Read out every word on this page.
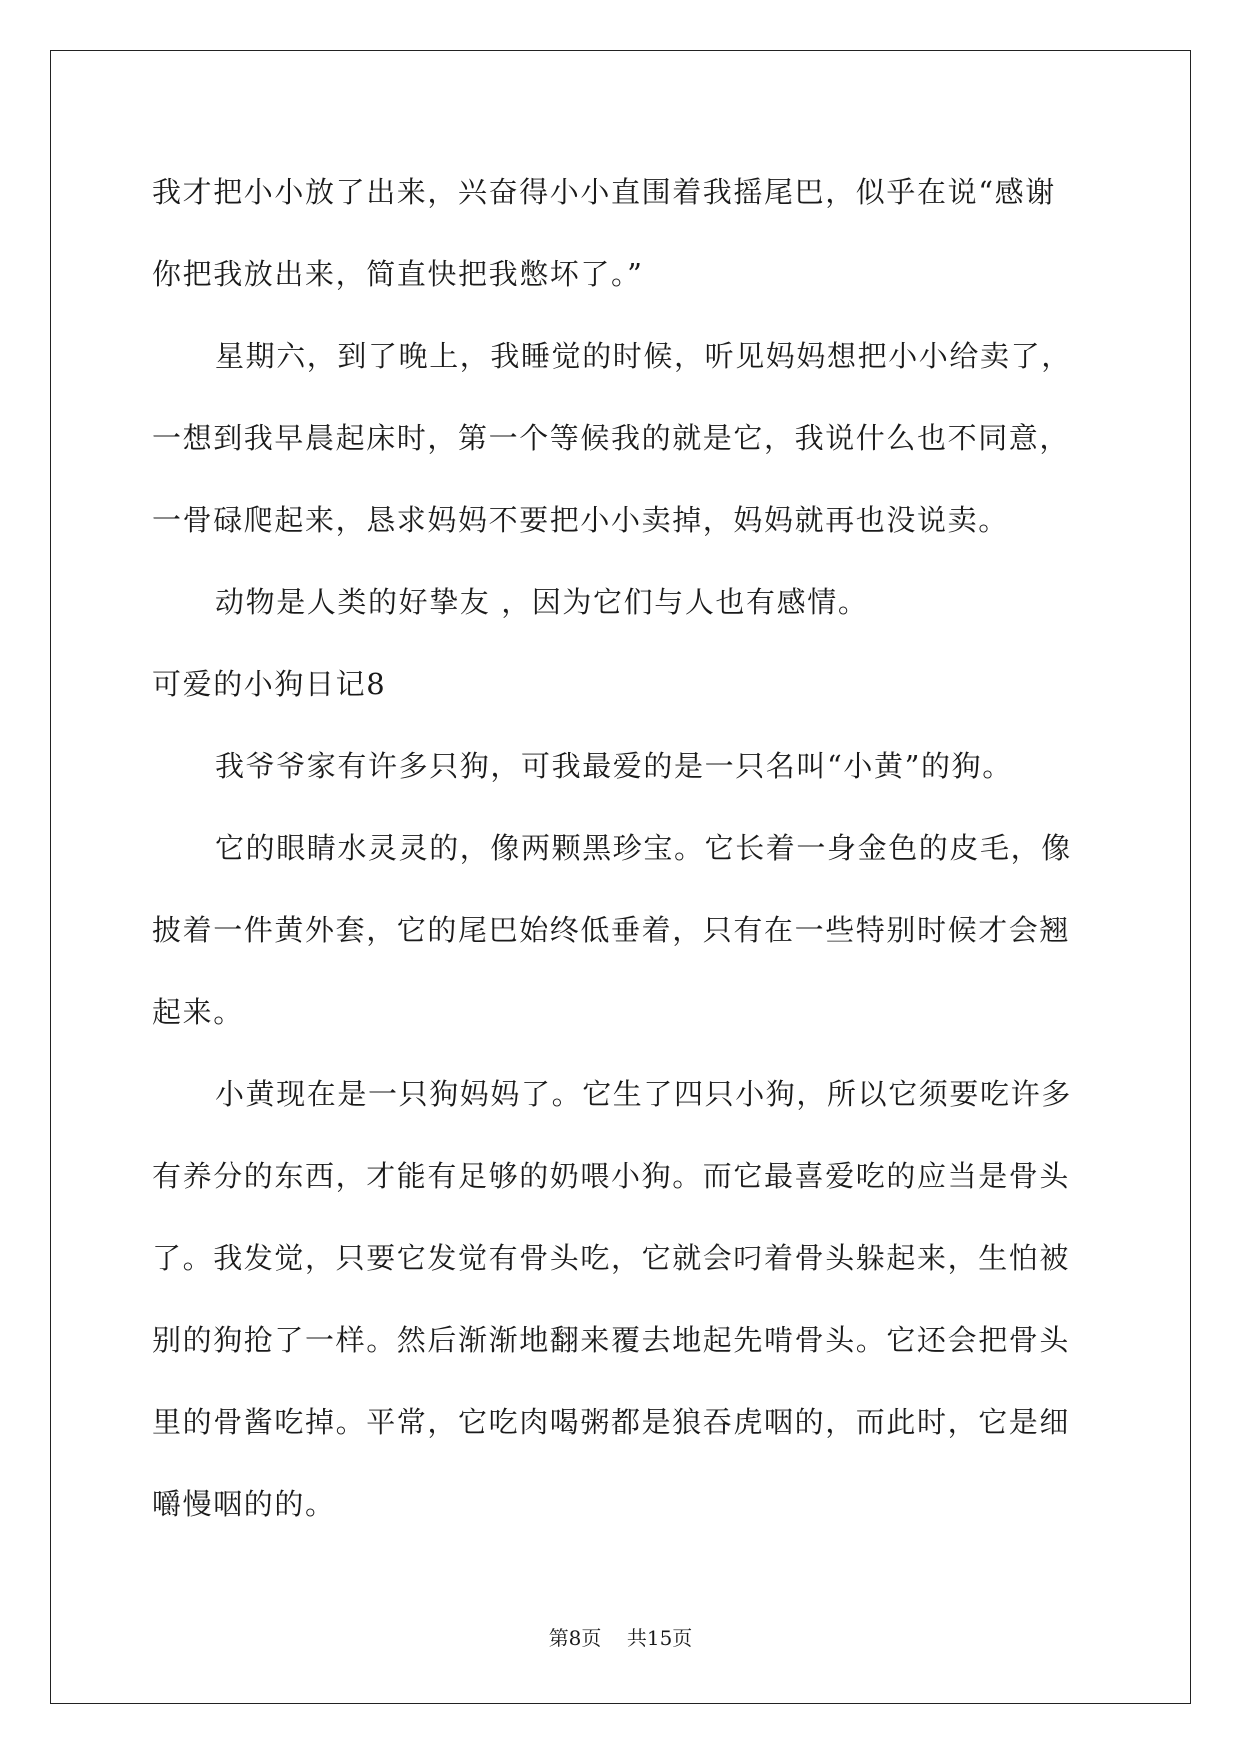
我才把小小放了出来，兴奋得小小直围着我摇尾巴，似乎在说“感谢
你把我放出来，简直快把我憋坏了。”
星期六，到了晚上，我睡觉的时候，听见妈妈想把小小给卖了，
一想到我早晨起床时，第一个等候我的就是它，我说什么也不同意，
一骨碌爬起来，恳求妈妈不要把小小卖掉，妈妈就再也没说卖。
动物是人类的好挚友 ，因为它们与人也有感情。
可爱的小狗日记8
我爷爷家有许多只狗，可我最爱的是一只名叫“小黄”的狗。
它的眼睛水灵灵的，像两颗黑珍宝。它长着一身金色的皮毛，像
披着一件黄外套，它的尾巴始终低垂着，只有在一些特别时候才会翘
起来。
小黄现在是一只狗妈妈了。它生了四只小狗，所以它须要吃许多
有养分的东西，才能有足够的奶喂小狗。而它最喜爱吃的应当是骨头
了。我发觉，只要它发觉有骨头吃，它就会叼着骨头躲起来，生怕被
别的狗抢了一样。然后渐渐地翻来覆去地起先啃骨头。它还会把骨头
里的骨酱吃掉。平常，它吃肉喝粥都是狼吞虎咽的，而此时，它是细
嚼慢咽的的。
第8页    共15页
